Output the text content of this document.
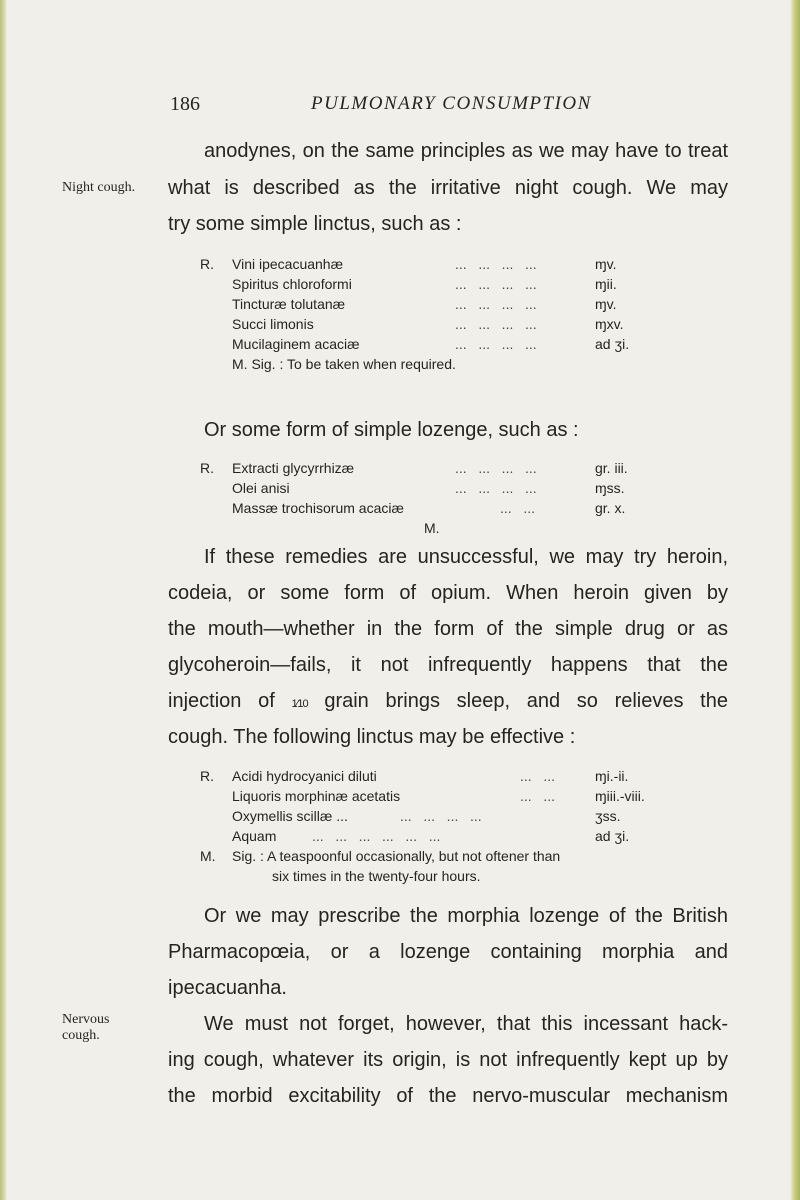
186	PULMONARY CONSUMPTION
anodynes, on the same principles as we may have to treat
Night cough.	what is described as the irritative night cough. We may
try some simple linctus, such as :
R. Vini ipecacuanhæ	...   ...   ...   ...	ɱv.
Spiritus chloroformi	...   ...   ...   ...	ɱii.
Tincturæ tolutanæ	...   ...   ...   ...	ɱv.
Succi limonis	...   ...   ...   ...	ɱxv.
Mucilaginem acaciæ	...   ...   ...   ...	ad ʒi.
M. Sig. : To be taken when required.
Or some form of simple lozenge, such as :
R. Extracti glycyrrhizæ	...   ...   ...   ...	gr. iii.
Olei anisi	...   ...   ...   ...	ɱss.
Massæ trochisorum acaciæ	...   ...	gr. x.
M.
If these remedies are unsuccessful, we may try heroin,
codeia, or some form of opium. When heroin given by
the mouth—whether in the form of the simple drug or as
glycoheroin—fails, it not infrequently happens that the
injection of 1⁄10 grain brings sleep, and so relieves the
cough. The following linctus may be effective :
R. Acidi hydrocyanici diluti	...   ...	ɱi.-ii.
Liquoris morphinæ acetatis	...   ...	ɱiii.-viii.
Oxymellis scillæ ...	...   ...   ...   ...	ʒss.
Aquam	...   ...   ...   ...   ...   ...	ad ʒi.
M. Sig. : A teaspoonful occasionally, but not oftener than
six times in the twenty-four hours.
Or we may prescribe the morphia lozenge of the British
Pharmacopœia, or a lozenge containing morphia and
ipecacuanha.
Nervous
cough.
We must not forget, however, that this incessant hack-
ing cough, whatever its origin, is not infrequently kept up by
the morbid excitability of the nervo-muscular mechanism
